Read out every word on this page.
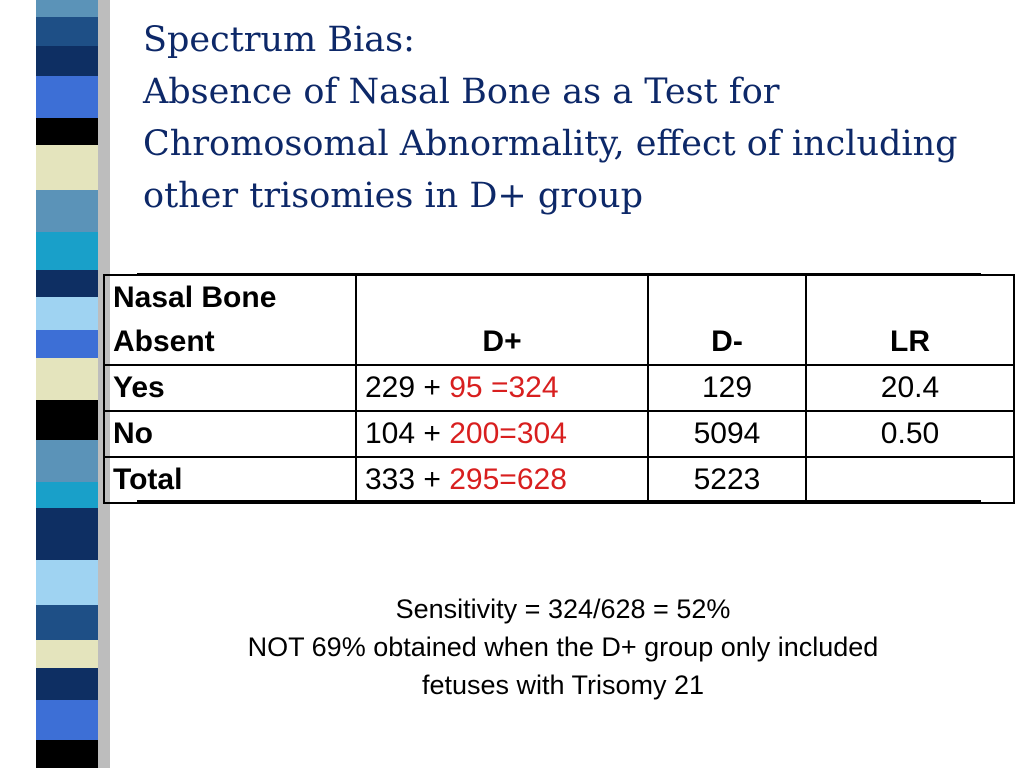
Spectrum Bias:
Absence of Nasal Bone as a Test for
Chromosomal Abnormality, effect of including
other trisomies in D+ group
Nasal Bone
Absent	D+	D-	LR
Yes	229 + 95 =324	129	20.4
No	104 + 200=304	5094	0.50
Total	333 + 295=628	5223	
Sensitivity = 324/628 = 52%
NOT 69% obtained when the D+ group only included
fetuses with Trisomy 21
